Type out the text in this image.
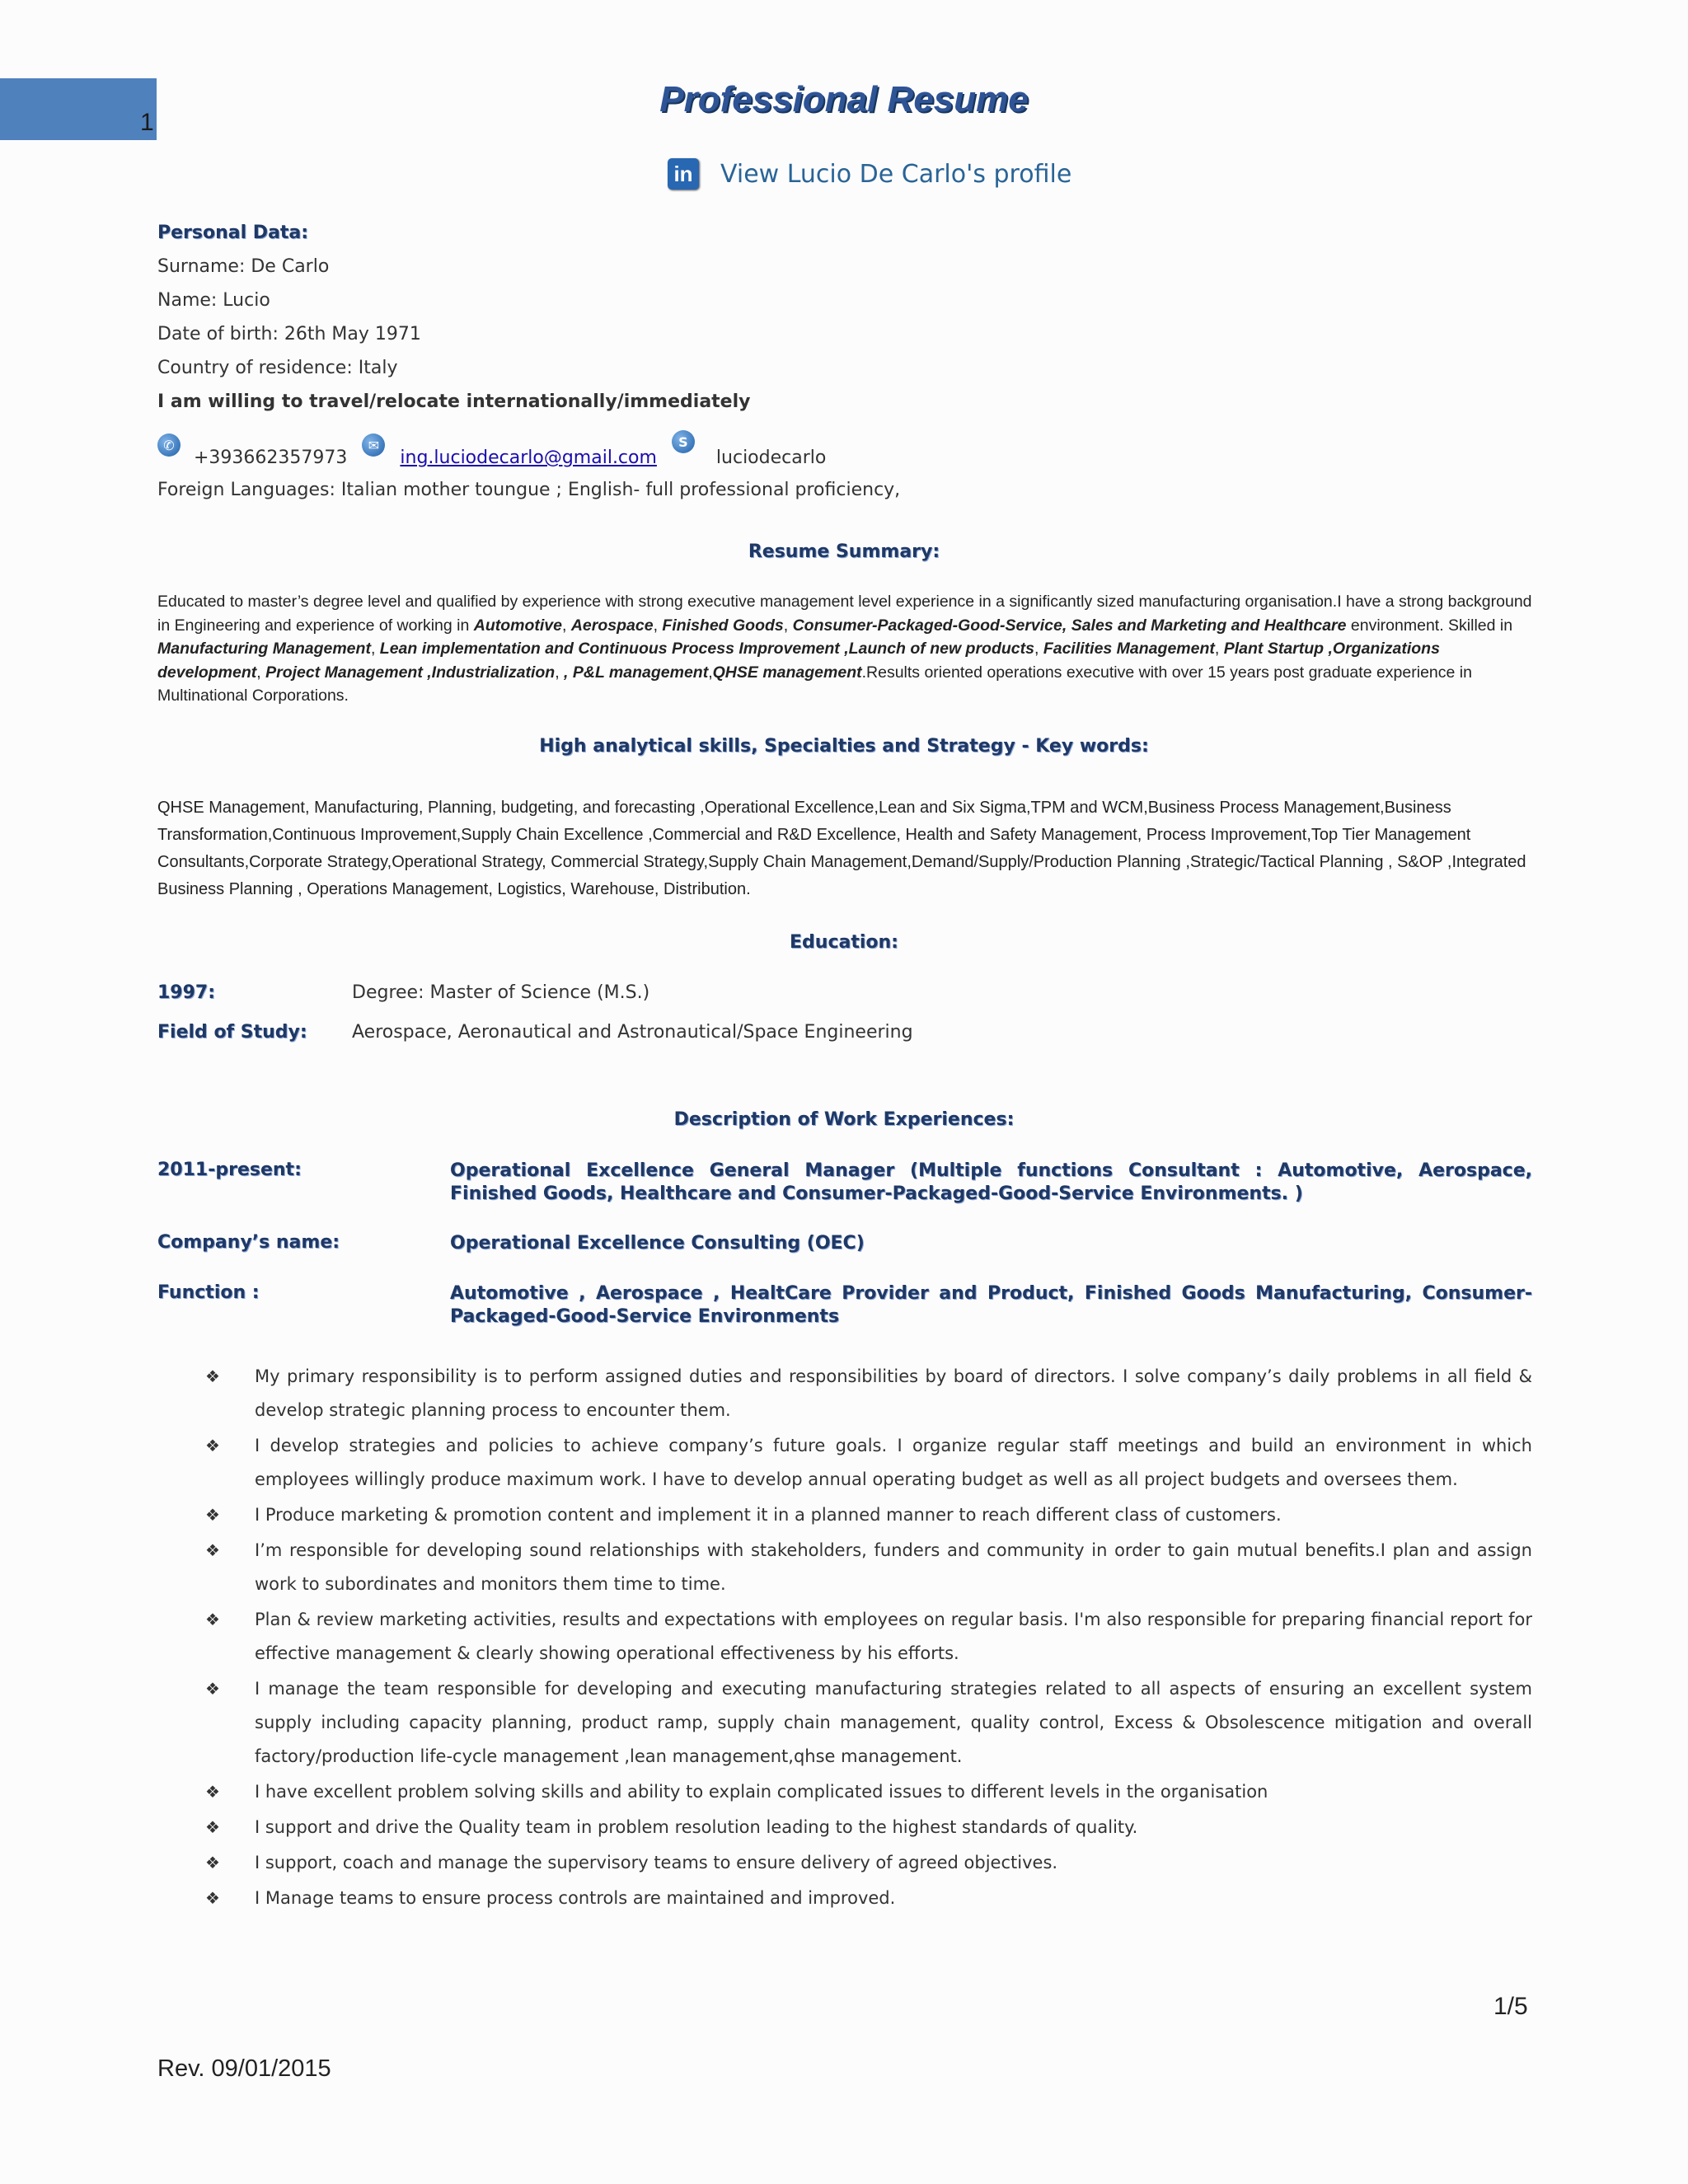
1
Professional Resume
in View Lucio De Carlo's profile
Personal Data:
Surname: De Carlo
Name: Lucio
Date of birth: 26th May 1971
Country of residence: Italy
I am willing to travel/relocate internationally/immediately
✆
+393662357973
✉
ing.luciodecarlo@gmail.com
S
luciodecarlo
Foreign Languages: Italian mother toungue ; English- full professional proficiency,
Resume Summary:
Educated to master’s degree level and qualified by experience with strong executive management level experience in a significantly sized manufacturing organisation.I have a strong background in Engineering and experience of working in Automotive, Aerospace, Finished Goods, Consumer-Packaged-Good-Service, Sales and Marketing and Healthcare environment. Skilled in Manufacturing Management, Lean implementation and Continuous Process Improvement ,Launch of new products, Facilities Management, Plant Startup ,Organizations development, Project Management ,Industrialization, , P&L management,QHSE management.Results oriented operations executive with over 15 years post graduate experience in Multinational Corporations.
High analytical skills, Specialties and Strategy - Key words:
QHSE Management, Manufacturing, Planning, budgeting, and forecasting ,Operational Excellence,Lean and Six Sigma,TPM and WCM,Business Process Management,Business Transformation,Continuous Improvement,Supply Chain Excellence ,Commercial and R&D Excellence, Health and Safety Management, Process Improvement,Top Tier Management Consultants,Corporate Strategy,Operational Strategy, Commercial Strategy,Supply Chain Management,Demand/Supply/Production Planning ,Strategic/Tactical Planning , S&OP ,Integrated Business Planning , Operations Management, Logistics, Warehouse, Distribution.
Education:
1997:	Degree: Master of Science (M.S.)
Field of Study: Aerospace, Aeronautical and Astronautical/Space Engineering
Description of Work Experiences:
2011-present:	Operational Excellence General Manager (Multiple functions Consultant : Automotive, Aerospace, Finished Goods, Healthcare and Consumer-Packaged-Good-Service Environments. )
Company’s name:	Operational Excellence Consulting (OEC)
Function :	Automotive , Aerospace , HealtCare Provider and Product, Finished Goods Manufacturing, Consumer-Packaged-Good-Service Environments
❖ My primary responsibility is to perform assigned duties and responsibilities by board of directors. I solve company’s daily problems in all field & develop strategic planning process to encounter them.
❖ I develop strategies and policies to achieve company’s future goals. I organize regular staff meetings and build an environment in which employees willingly produce maximum work. I have to develop annual operating budget as well as all project budgets and oversees them.
❖ I Produce marketing & promotion content and implement it in a planned manner to reach different class of customers.
❖ I’m responsible for developing sound relationships with stakeholders, funders and community in order to gain mutual benefits.I plan and assign work to subordinates and monitors them time to time.
❖ Plan & review marketing activities, results and expectations with employees on regular basis. I'm also responsible for preparing financial report for effective management & clearly showing operational effectiveness by his efforts.
❖ I manage the team responsible for developing and executing manufacturing strategies related to all aspects of ensuring an excellent system supply including capacity planning, product ramp, supply chain management, quality control, Excess & Obsolescence mitigation and overall factory/production life-cycle management ,lean management,qhse management.
❖ I have excellent problem solving skills and ability to explain complicated issues to different levels in the organisation
❖ I support and drive the Quality team in problem resolution leading to the highest standards of quality.
❖ I support, coach and manage the supervisory teams to ensure delivery of agreed objectives.
❖ I Manage teams to ensure process controls are maintained and improved.
1/5
Rev. 09/01/2015
